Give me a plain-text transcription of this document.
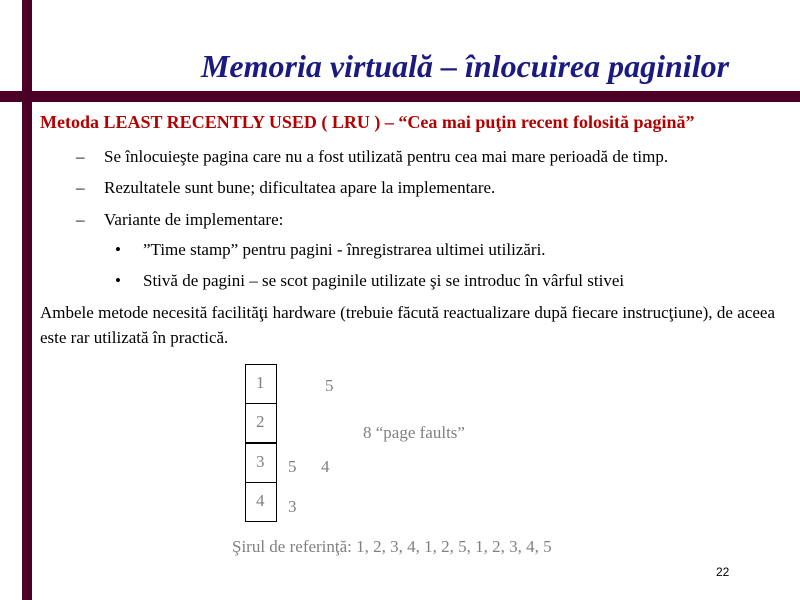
Memoria virtuală – înlocuirea paginilor
Metoda LEAST RECENTLY USED ( LRU ) – “Cea mai puţin recent folosită pagină”
– Se înlocuieşte pagina care nu a fost utilizată pentru cea mai mare perioadă de timp.
– Rezultatele sunt bune; dificultatea apare la implementare.
– Variante de implementare:
• ”Time stamp” pentru pagini - înregistrarea ultimei utilizări.
• Stivă de pagini – se scot paginile utilizate şi se introduc în vârful stivei
Ambele metode necesită facilităţi hardware (trebuie făcută reactualizare după fiecare instrucţiune), de aceea este rar utilizată în practică.
1
2
3
4
5
5 4
3
8 “page faults”
Şirul de referinţă: 1, 2, 3, 4, 1, 2, 5, 1, 2, 3, 4, 5
22
